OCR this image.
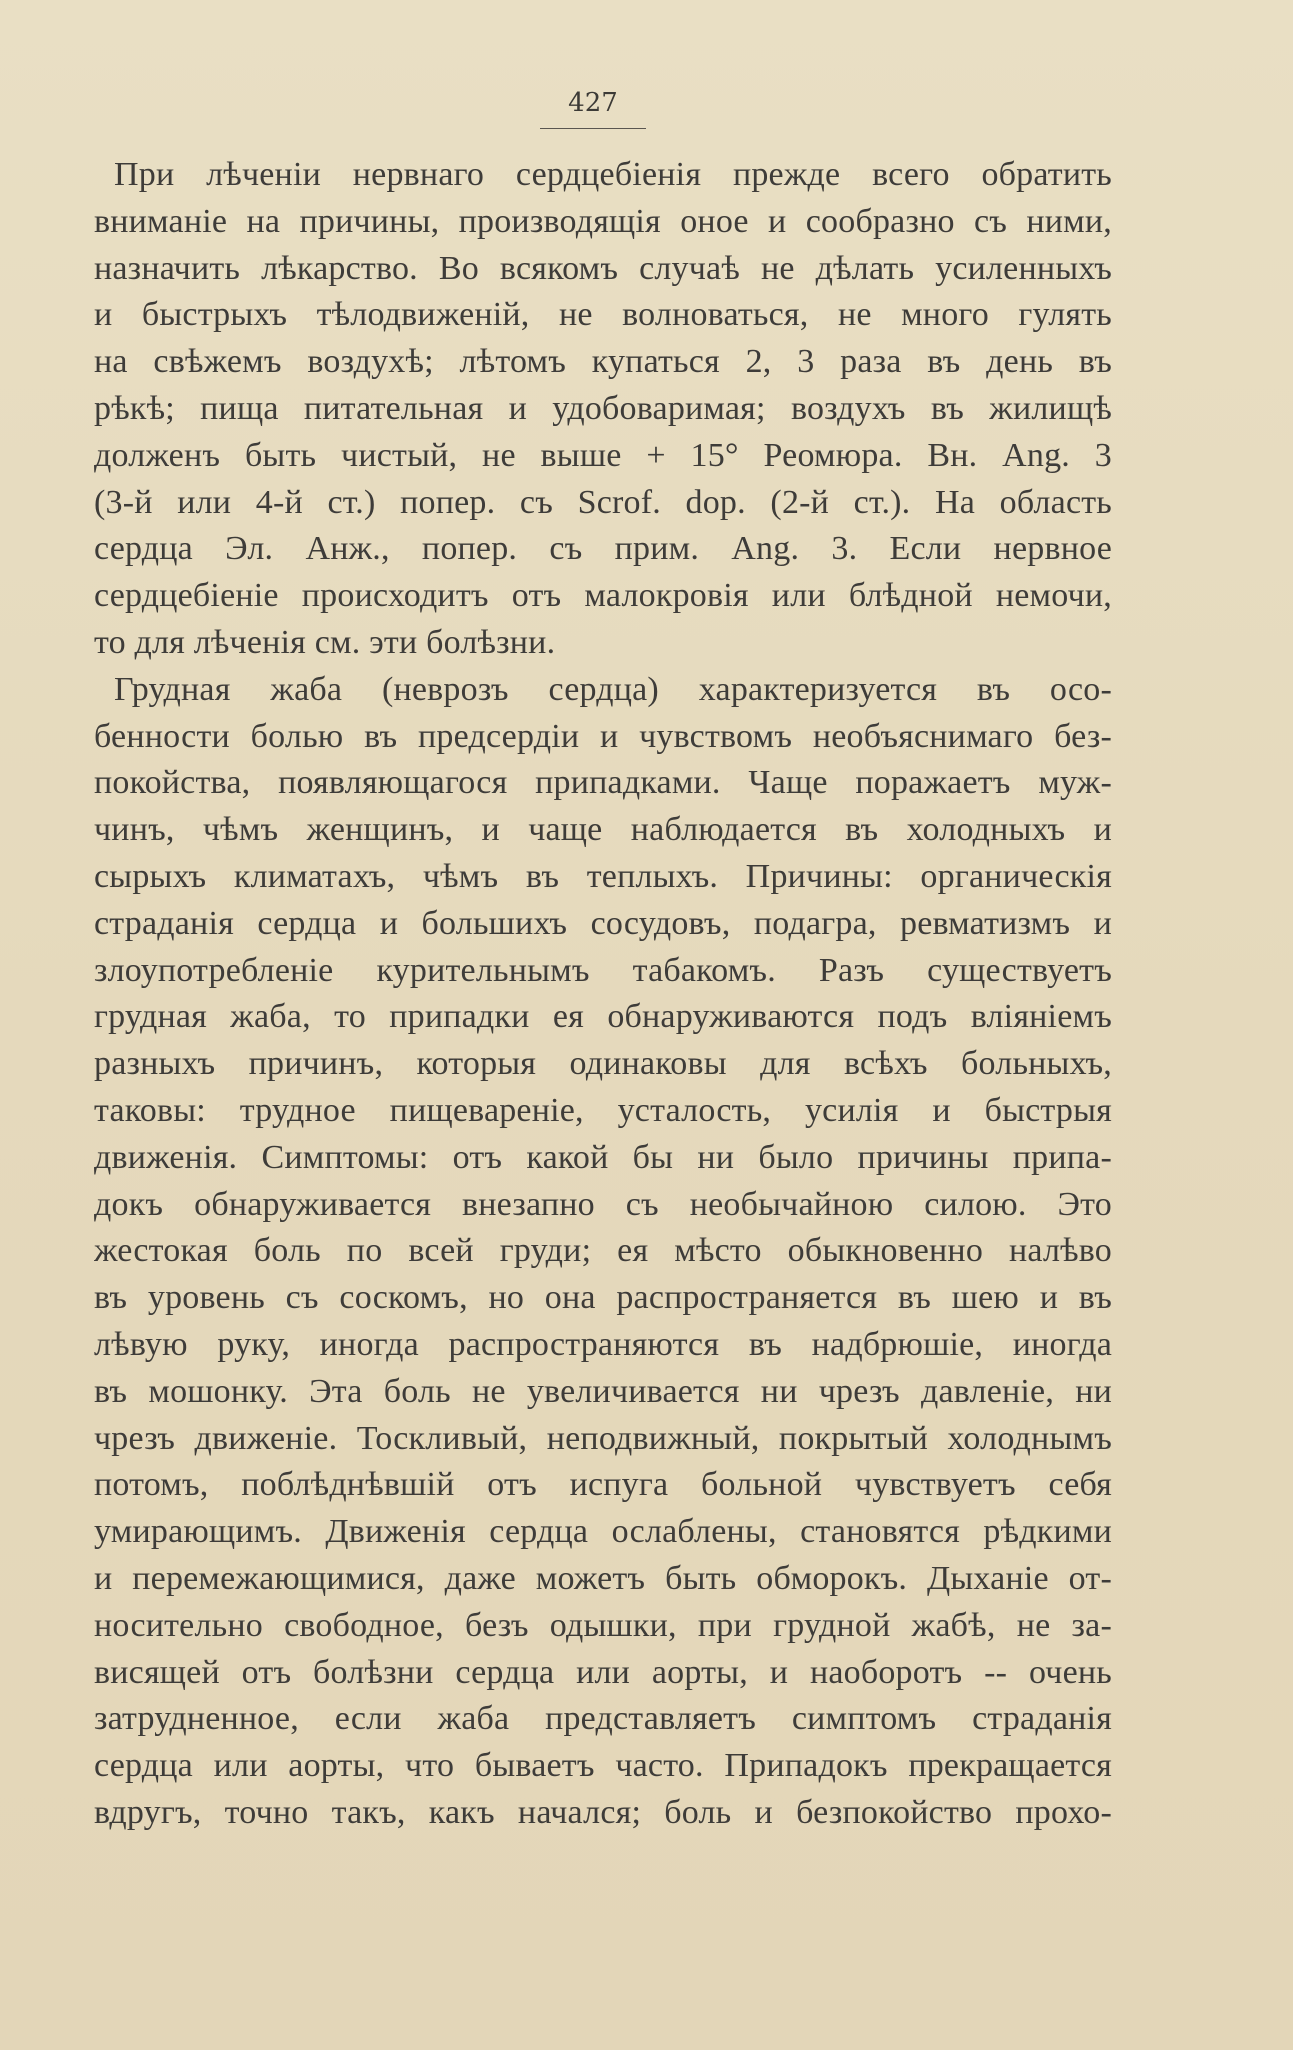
427

При лѣченіи нервнаго сердцебіенія прежде всего обратить
вниманіе на причины, производящія оное и сообразно съ ними,
назначить лѣкарство. Во всякомъ случаѣ не дѣлать усиленныхъ
и быстрыхъ тѣлодвиженій, не волноваться, не много гулять
на свѣжемъ воздухѣ; лѣтомъ купаться 2, 3 раза въ день въ
рѣкѣ; пища питательная и удобоваримая; воздухъ въ жилищѣ
долженъ быть чистый, не выше + 15° Реомюра. Вн. Ang. 3
(3-й или 4-й ст.) попер. съ Scrof. dop. (2-й ст.). На область
сердца Эл. Анж., попер. съ прим. Ang. 3. Если нервное
сердцебіеніе происходитъ отъ малокровія или блѣдной немочи,
то для лѣченія см. эти болѣзни.

Грудная жаба (неврозъ сердца) характеризуется въ осо-
бенности болью въ предсердіи и чувствомъ необъяснимаго без-
покойства, появляющагося припадками. Чаще поражаетъ муж-
чинъ, чѣмъ женщинъ, и чаще наблюдается въ холодныхъ и
сырыхъ климатахъ, чѣмъ въ теплыхъ. Причины: органическія
страданія сердца и большихъ сосудовъ, подагра, ревматизмъ и
злоупотребленіе курительнымъ табакомъ. Разъ существуетъ
грудная жаба, то припадки ея обнаруживаются подъ вліяніемъ
разныхъ причинъ, которыя одинаковы для всѣхъ больныхъ,
таковы: трудное пищевареніе, усталость, усилія и быстрыя
движенія. Симптомы: отъ какой бы ни было причины припа-
докъ обнаруживается внезапно съ необычайною силою. Это
жестокая боль по всей груди; ея мѣсто обыкновенно налѣво
въ уровень съ соскомъ, но она распространяется въ шею и въ
лѣвую руку, иногда распространяются въ надбрюшіе, иногда
въ мошонку. Эта боль не увеличивается ни чрезъ давленіе, ни
чрезъ движеніе. Тоскливый, неподвижный, покрытый холоднымъ
потомъ, поблѣднѣвшій отъ испуга больной чувствуетъ себя
умирающимъ. Движенія сердца ослаблены, становятся рѣдкими
и перемежающимися, даже можетъ быть обморокъ. Дыханіе от-
носительно свободное, безъ одышки, при грудной жабѣ, не за-
висящей отъ болѣзни сердца или аорты, и наоборотъ -- очень
затрудненное, если жаба представляетъ симптомъ страданія
сердца или аорты, что бываетъ часто. Припадокъ прекращается
вдругъ, точно такъ, какъ начался; боль и безпокойство прохо-
